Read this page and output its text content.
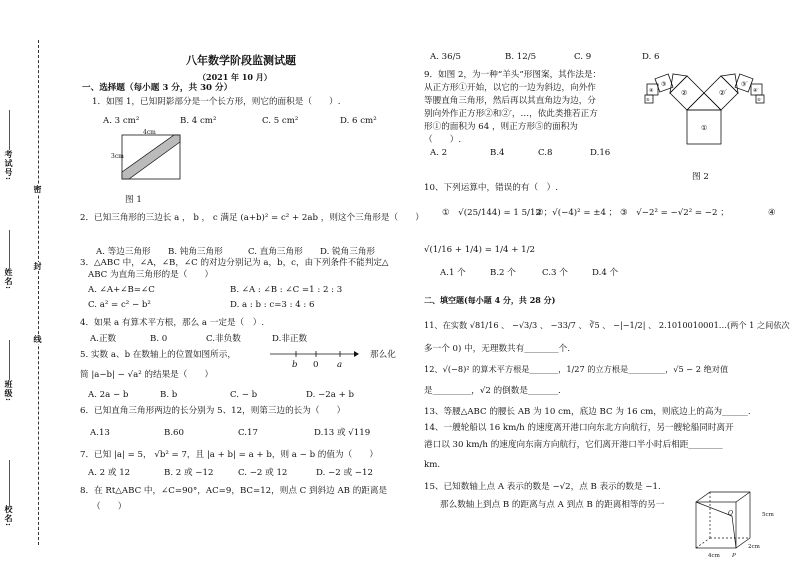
考试号:
姓名:
班级:
校名:
密
封
线
八年数学阶段监测试题
（2021 年 10 月）
一、选择题（每小题 3 分，共 30 分）
1．如图 1，已知阴影部分是一个长方形，则它的面积是（　　）.
A. 3 cm²	B. 4 cm²	C. 5 cm²	D. 6 cm²
4cm
3cm
图 1
2．已知三角形的三边长 a ， b ， c 满足 (a+b)² = c² + 2ab ，则这个三角形是（　　）
A. 等边三角形 B. 钝角三角形	C. 直角三角形 D. 锐角三角形
3．△ABC 中，∠A，∠B，∠C 的对边分别记为 a，b，c，由下列条件不能判定△
ABC 为直角三角形的是（　　）
A. ∠A+∠B=∠C	B. ∠A : ∠B : ∠C =1 : 2 : 3
C. a² = c² − b²	D. a : b : c=3 : 4 : 6
4．如果 a 有算术平方根，那么 a 一定是（　）.
A.正数	B. 0	C.非负数	D.非正数
5. 实数 a、b 在数轴上的位置如图所示，
b 0 a
那么化
简 |a−b| − √a² 的结果是（　　）
A. 2a − b	B. b	C. − b	D. −2a + b
6．已知直角三角形两边的长分别为 5、12，则第三边的长为（　　）
A.13	B.60	C.17	D.13 或 √119
7．已知 |a| = 5， √b² = 7，且 |a + b| = a + b，则 a − b 的值为（　　）
A. 2 或 12	B. 2 或 −12	C. −2 或 12	D. −2 或 −12
8．在 Rt△ABC 中，∠C=90°，AC=9，BC=12，则点 C 到斜边 AB 的距离是
（　　）
A. 36/5	B. 12/5	C. 9	D. 6
9．如图 2，为一种“羊头”形图案，其作法是：
从正方形①开始，以它的一边为斜边，向外作
等腰直角三角形，然后再以其直角边为边，分
别向外作正方形②和②′，…，依此类推若正方
形①的面积为 64 ，则正方形⑤的面积为
（　　）.
A. 2	B.4	C.8	D.16
①
②	②′
③	③′
④	④′
⑤	⑤′
图 2
10、下列运算中，错误的有（　）.
①　√(25/144) = 1 5/12 ；
②　√(−4)² = ±4 ； ③　√−2² = −√2² = −2 ；	④
√(1/16 + 1/4) = 1/4 + 1/2
A.1 个	B.2 个	C.3 个	D.4 个
二、填空题(每小题 4 分，共 28 分)
11、在实数 √81/16 、 −√3/3 、 −33/7 、 ∛5 、 −|−1/2| 、 2.1010010001…(两个 1 之间依次
多一个 0) 中，无理数共有________个.
12、√(−8)² 的算术平方根是_______，1/27 的立方根是_________，√5 − 2 绝对值
是_________，√2 的倒数是_______.
13、等腰△ABC 的腰长 AB 为 10 cm，底边 BC 为 16 cm，则底边上的高为______.
14、一艘轮船以 16 km/h 的速度离开港口向东北方向航行，另一艘轮船同时离开
港口以 30 km/h 的速度向东南方向航行，它们离开港口半小时后相距________
km.
15、已知数轴上点 A 表示的数是 −√2，点 B 表示的数是 −1.
那么数轴上到点 B 的距离与点 A 到点 B 的距离相等的另一
Q	5cm
2cm
4cm P
